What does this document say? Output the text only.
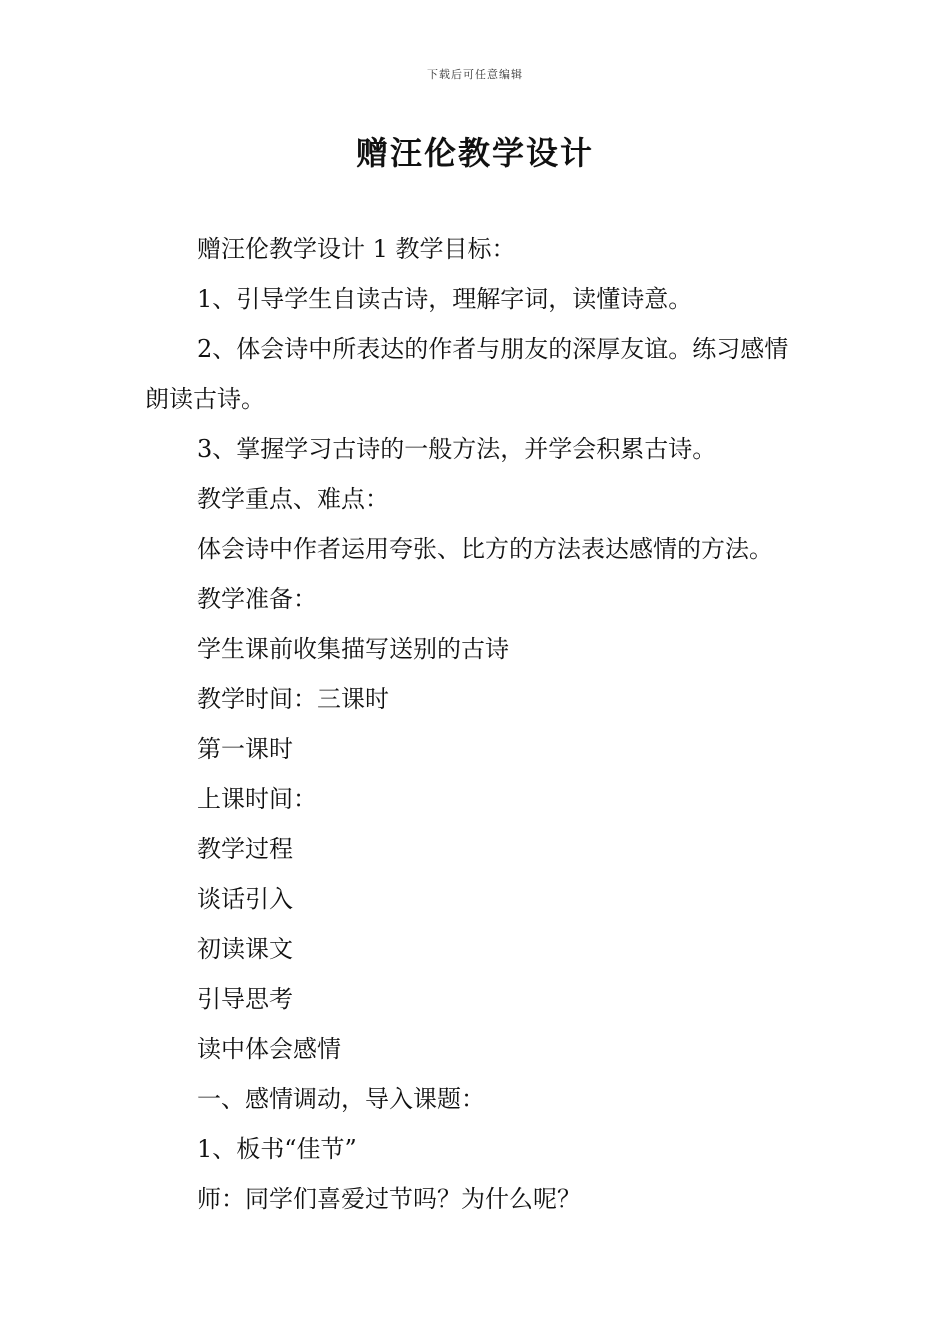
下载后可任意编辑
赠汪伦教学设计

赠汪伦教学设计 1 教学目标：

1、引导学生自读古诗，理解字词，读懂诗意。

2、体会诗中所表达的作者与朋友的深厚友谊。练习感情朗读古诗。

3、掌握学习古诗的一般方法，并学会积累古诗。

教学重点、难点：

体会诗中作者运用夸张、比方的方法表达感情的方法。

教学准备：

学生课前收集描写送别的古诗

教学时间：三课时

第一课时

上课时间：

教学过程

谈话引入

初读课文

引导思考

读中体会感情

一、感情调动，导入课题：

1、板书“佳节”

师：同学们喜爱过节吗？为什么呢？
